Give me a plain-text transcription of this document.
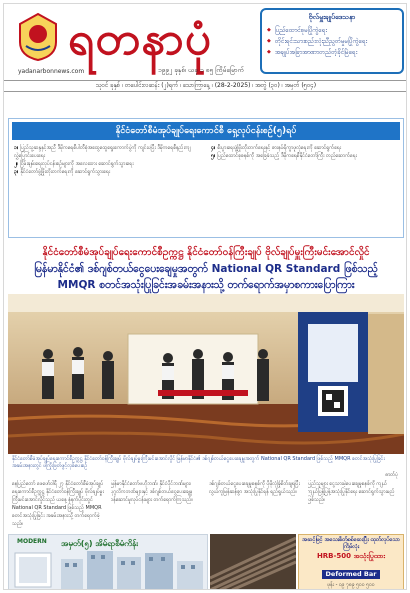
ရတနာပုံ
yadanarbonnews.com	၁၉၉၂ ခုနှစ်၊ ယခု ၁ ၈၅ ကြိမ်မြောက်
ဗိုလ်မှူးချုပ်ဒေသနာ
◆ ပြည်ထောင်စုမပြိုကွဲရေး
◆ တိုင်းရင်းသားစည်းလုံးညီညွတ်မှုမပြိုကွဲရေး
◆ အချုပ်အခြာအာဏာတည်တံ့ခိုင်မြဲရေး
သုဝင် ခုနှစ် ၊ တပေါင်းလဆန်း (၂)ရက် ၊ သောကြာနေ့ ၊ (28-2-2025) ၊ အတွဲ (၃၀) ၊ အမှတ် (၅၀၄)
နိုင်ငံတော်စီမံအုပ်ချုပ်ရေးကောင်စီ ရှေ့လုပ်ငန်းစဉ်(၅)ရပ်

၁။ ပြည်သူ့ဆန္ဒနှင့်အညီ ဒီမိုကရေစီပါတီစုံအထွေထွေရွေးကောက်ပွဲကို ကျင်းပပြီး ဒီမိုကရေစီနည်းကျ လွှဲပြောင်းပေးရေး

၂။ ငြိမ်းချမ်းရေးလုပ်ငန်းစဉ်များကို အလေးထား ဆောင်ရွက်သွားရေး

၃။ နိုင်ငံတော်ဖွံ့ဖြိုးတိုးတက်ရေးကို ဆောင်ရွက်သွားရေး

၄။ စီးပွားရေးဖွံ့ဖြိုးတိုးတက်ရေးနှင့် စားနပ်ရိက္ခာဖူလုံရေးကို ဆောင်ရွက်ရေး

၅။ ပြည်ထောင်စုစနစ်ကို အခြေခံသည့် ဒီမိုကရေစီနိုင်ငံတော်ကြီး တည်ဆောက်ရေး

နိုင်ငံတော်စီမံအုပ်ချုပ်ရေးကောင်စီဥက္ကဋ္ဌ နိုင်ငံတော်ဝန်ကြီးချုပ် ဗိုလ်ချုပ်မှူးကြီးမင်းအောင်လှိုင်
မြန်မာနိုင်ငံ၏ ဒစ်ဂျစ်တယ်ငွေပေးချေမှုအတွက် National QR Standard ဖြစ်သည့်
MMQR စတင်အသုံးပြုခြင်းအခမ်းအနားသို့ တက်ရောက်အမှာစကားပြောကြား
နိုင်ငံတော်စီမံအုပ်ချုပ်ရေးကောင်စီဥက္ကဋ္ဌ နိုင်ငံတော်ဝန်ကြီးချုပ် ဗိုလ်ချုပ်မှူးကြီးမင်းအောင်လှိုင် မြန်မာနိုင်ငံ၏ ဒစ်ဂျစ်တယ်ငွေပေးချေမှုအတွက် National QR Standard ဖြစ်သည့် MMQR စတင်အသုံးပြုခြင်း အခမ်းအနားတွင် ဖဲကြိုးဖြတ်ဖွင့်လှစ်ပေးစဉ်
ဓာတ်ပုံ
နေပြည်တော် ဖေဖော်ဝါရီ ၂၇ နိုင်ငံတော်စီမံအုပ်ချုပ်ရေးကောင်စီဥက္ကဋ္ဌ နိုင်ငံတော်ဝန်ကြီးချုပ် ဗိုလ်ချုပ်မှူးကြီးမင်းအောင်လှိုင်သည် ယနေ့ နံနက်ပိုင်းတွင် National QR Standard ဖြစ်သည့် MMQR စတင်အသုံးပြုခြင်း အခမ်းအနားသို့ တက်ရောက်ခဲ့သည်။
မြန်မာနိုင်ငံတော်ဗဟိုဘဏ်၊ နိုင်ငံပိုင်ဘဏ်များ၊ ပုဂ္ဂလိကဘဏ်များနှင့် ဒစ်ဂျစ်တယ်ငွေပေးချေမှုဝန်ဆောင်မှုလုပ်ငန်းများ တက်ရောက်ကြသည်။
ဒစ်ဂျစ်တယ်ငွေပေးချေမှုစနစ်ကို ပိုမိုလုံခြုံစိတ်ချရပြီး လွယ်ကူမြန်ဆန်စွာ အသုံးပြုနိုင်ရန် ရည်ရွယ်သည်။
ပြည်သူများ ငွေသားမဲ့ပေးချေမှုစနစ်ကို ကျယ်ကျယ်ပြန့်ပြန့်အသုံးပြုနိုင်ရေး ဆောင်ရွက်သွားမည်ဖြစ်သည်။
MODERN အမှတ်(၅) အိမ်ရာစီမံကိန်း	အဆင့်မြင့် အသေးစိတ်စစ်ဆေးပြီး ထုတ်လုပ်သော ကြိမ်လုံး
HRB-500 အသုံးပြုထား
Deformed Bar
ဖုန်း - ၀၉ ၇၈၉ ၅၀၀ ၅၀၀
